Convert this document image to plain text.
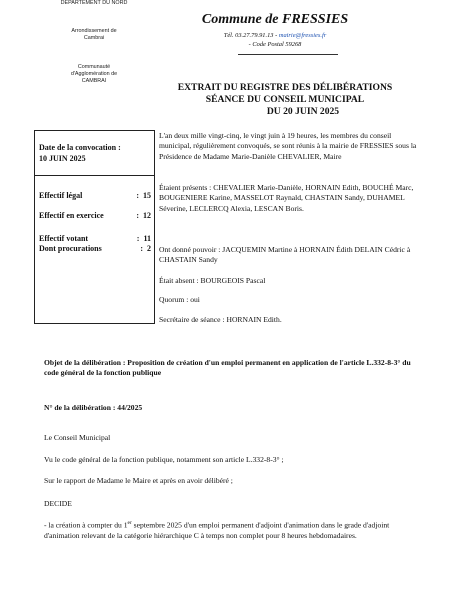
DÉPARTEMENT DU NORD
Arrondissement de
Cambrai
Communauté
d'Agglomération de
CAMBRAI
Commune de FRESSIES
Tél. 03.27.79.91.13 - mairie@fressies.fr
- Code Postal 59268
EXTRAIT DU REGISTRE DES DÉLIBÉRATIONS
SÉANCE DU CONSEIL MUNICIPAL
DU 20 JUIN 2025
Date de la convocation :
10 JUIN 2025
Effectif légal	:  15
Effectif en exercice	:  12
Effectif votant	:  11
Dont procurations	:  2
L'an deux mille vingt-cinq, le vingt juin à 19 heures, les membres du conseil municipal, régulièrement convoqués, se sont réunis à la mairie de FRESSIES sous la Présidence de Madame Marie-Danièle CHEVALIER, Maire
Étaient présents : CHEVALIER Marie-Danièle, HORNAIN Edith, BOUCHÉ Marc, BOUGENIERE Karine, MASSELOT Raynald, CHASTAIN Sandy, DUHAMEL Séverine, LECLERCQ Alexia, LESCAN Boris.
Ont donné pouvoir : JACQUEMIN Martine à HORNAIN Édith DELAIN Cédric à CHASTAIN Sandy
Était absent : BOURGEOIS Pascal
Quorum : oui
Secrétaire de séance : HORNAIN Edith.
Objet de la délibération : Proposition de création d'un emploi permanent en application de l'article L.332-8-3° du code général de la fonction publique
N° de la délibération : 44/2025
Le Conseil Municipal
Vu le code général de la fonction publique, notamment son article L.332-8-3° ;
Sur le rapport de Madame le Maire et après en avoir délibéré ;
DECIDE
- la création à compter du 1er septembre 2025 d'un emploi permanent d'adjoint d'animation dans le grade d'adjoint d'animation relevant de la catégorie hiérarchique C à temps non complet pour 8 heures hebdomadaires.
